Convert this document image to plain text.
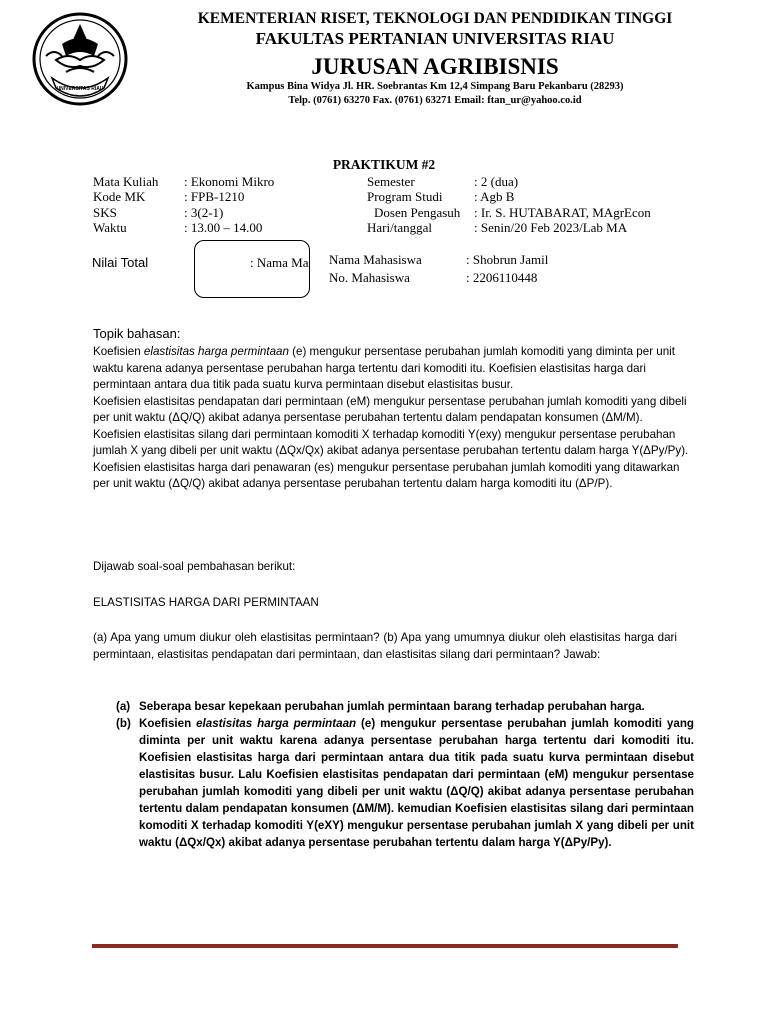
UNIVERSITAS RIAU
KEMENTERIAN RISET, TEKNOLOGI DAN PENDIDIKAN TINGGI
FAKULTAS PERTANIAN UNIVERSITAS RIAU
JURUSAN AGRIBISNIS
Kampus Bina Widya Jl. HR. Soebrantas Km 12,4 Simpang Baru Pekanbaru (28293)
Telp. (0761) 63270 Fax. (0761) 63271 Email: ftan_ur@yahoo.co.id
PRAKTIKUM #2
Mata Kuliah : Ekonomi Mikro
Kode MK	: FPB-1210
SKS	: 3(2-1)
Waktu	: 13.00 – 14.00
Semester	: 2 (dua)
Program Studi : Agb B
Dosen Pengasuh : Ir. S. HUTABARAT, MAgrEcon
Hari/tanggal	: Senin/20 Feb 2023/Lab MA
Nilai Total	: Nama Ma	Nama Mahasiswa	: Shobrun Jamil
No. Mahasiswa	: 2206110448
Topik bahasan:

Koefisien elastisitas harga permintaan (e) mengukur persentase perubahan jumlah komoditi yang diminta per unit waktu karena adanya persentase perubahan harga tertentu dari komoditi itu. Koefisien elastisitas harga dari permintaan antara dua titik pada suatu kurva permintaan disebut elastisitas busur.

Koefisien elastisitas pendapatan dari permintaan (eM) mengukur persentase perubahan jumlah komoditi yang dibeli per unit waktu (ΔQ/Q) akibat adanya persentase perubahan tertentu dalam pendapatan konsumen (ΔM/M).

Koefisien elastisitas silang dari permintaan komoditi X terhadap komoditi Y(exy) mengukur persentase perubahan jumlah X yang dibeli per unit waktu (ΔQx/Qx) akibat adanya persentase perubahan tertentu dalam harga Y(ΔPy/Py).

Koefisien elastisitas harga dari penawaran (es) mengukur persentase perubahan jumlah komoditi yang ditawarkan per unit waktu (ΔQ/Q) akibat adanya persentase perubahan tertentu dalam harga komoditi itu (ΔP/P).

Dijawab soal-soal pembahasan berikut:
ELASTISITAS HARGA DARI PERMINTAAN
(a) Apa yang umum diukur oleh elastisitas permintaan? (b) Apa yang umumnya diukur oleh elastisitas harga dari permintaan, elastisitas pendapatan dari permintaan, dan elastisitas silang dari permintaan? Jawab:
(a) Seberapa besar kepekaan perubahan jumlah permintaan barang terhadap perubahan harga.
(b) Koefisien elastisitas harga permintaan (e) mengukur persentase perubahan jumlah komoditi yang diminta per unit waktu karena adanya persentase perubahan harga tertentu dari komoditi itu. Koefisien elastisitas harga dari permintaan antara dua titik pada suatu kurva permintaan disebut elastisitas busur. Lalu Koefisien elastisitas pendapatan dari permintaan (eM) mengukur persentase perubahan jumlah komoditi yang dibeli per unit waktu (ΔQ/Q) akibat adanya persentase perubahan tertentu dalam pendapatan konsumen (ΔM/M). kemudian Koefisien elastisitas silang dari permintaan komoditi X terhadap komoditi Y(eXY) mengukur persentase perubahan jumlah X yang dibeli per unit waktu (ΔQx/Qx) akibat adanya persentase perubahan tertentu dalam harga Y(ΔPy/Py).
